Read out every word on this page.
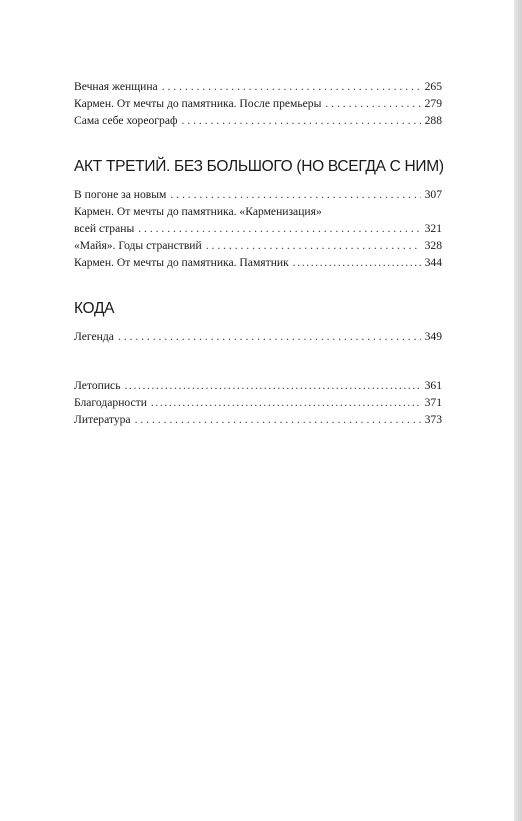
Вечная женщина . . .	265
Кармен. От мечты до памятника. После премьеры . . .	279
Сама себе хореограф . . .	288
АКТ ТРЕТИЙ. БЕЗ БОЛЬШОГО (НО ВСЕГДА С НИМ)
В погоне за новым . . .	307
Кармен. От мечты до памятника. «Карменизация»
всей страны . . .	321
«Майя». Годы странствий . . .	328
Кармен. От мечты до памятника. Памятник .....	344
КОДА
Легенда . . .	349
Летопись .....	361
Благодарности .....	371
Литература . . .	373
